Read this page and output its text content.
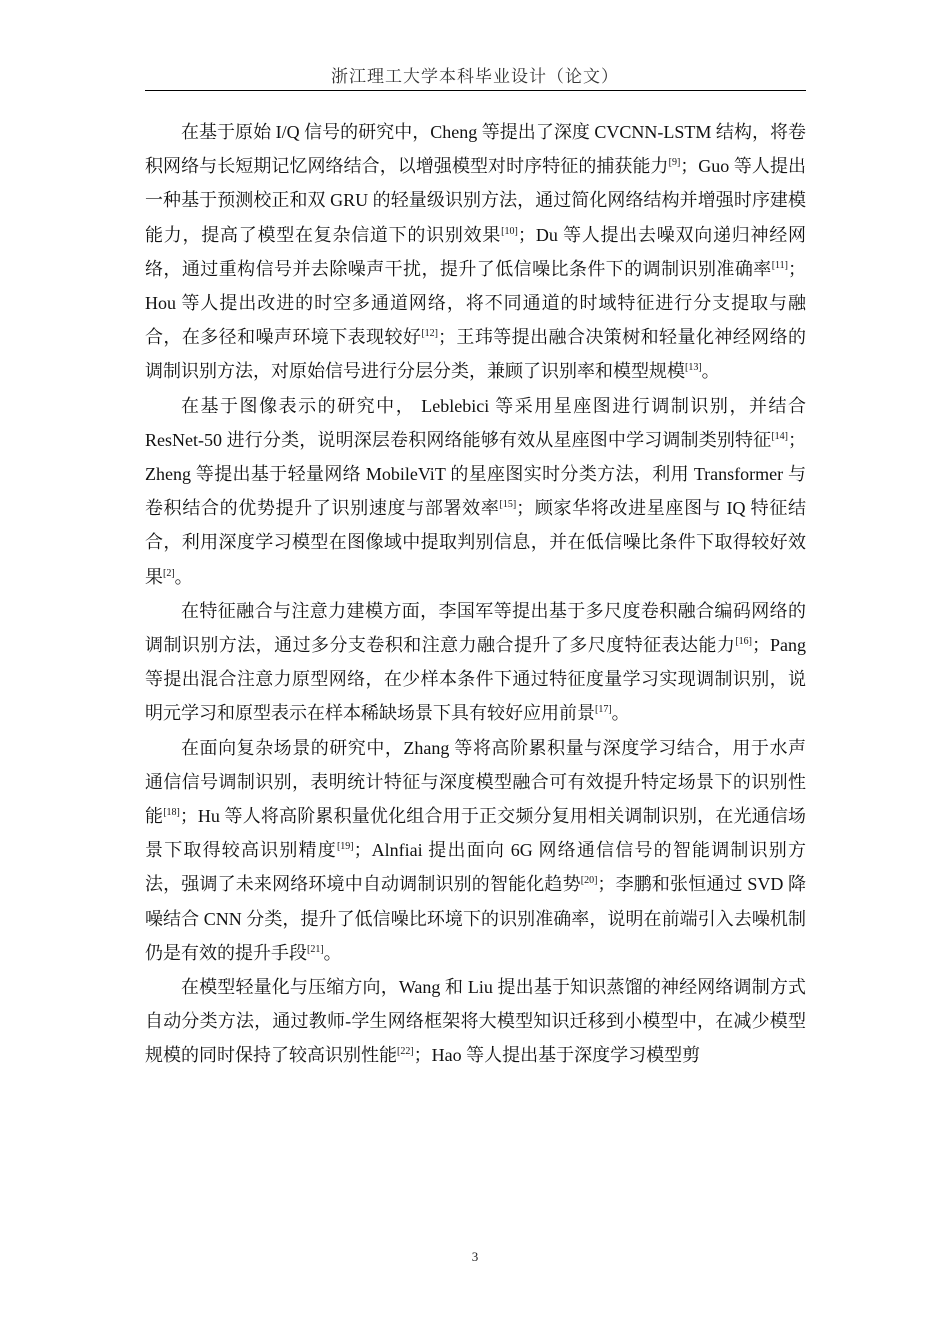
浙江理工大学本科毕业设计（论文）

在基于原始 I/Q 信号的研究中，Cheng 等提出了深度 CVCNN-LSTM 结构，将卷积网络与长短期记忆网络结合，以增强模型对时序特征的捕获能力[9]；Guo 等人提出一种基于预测校正和双 GRU 的轻量级识别方法，通过简化网络结构并增强时序建模能力，提高了模型在复杂信道下的识别效果[10]；Du 等人提出去噪双向递归神经网络，通过重构信号并去除噪声干扰，提升了低信噪比条件下的调制识别准确率[11]；Hou 等人提出改进的时空多通道网络，将不同通道的时域特征进行分支提取与融合，在多径和噪声环境下表现较好[12]；王玮等提出融合决策树和轻量化神经网络的调制识别方法，对原始信号进行分层分类，兼顾了识别率和模型规模[13]。

在基于图像表示的研究中， Leblebici 等采用星座图进行调制识别，并结合 ResNet-50 进行分类，说明深层卷积网络能够有效从星座图中学习调制类别特征[14]；Zheng 等提出基于轻量网络 MobileViT 的星座图实时分类方法，利用 Transformer 与卷积结合的优势提升了识别速度与部署效率[15]；顾家华将改进星座图与 IQ 特征结合，利用深度学习模型在图像域中提取判别信息，并在低信噪比条件下取得较好效果[2]。

在特征融合与注意力建模方面，李国军等提出基于多尺度卷积融合编码网络的调制识别方法，通过多分支卷积和注意力融合提升了多尺度特征表达能力[16]；Pang 等提出混合注意力原型网络，在少样本条件下通过特征度量学习实现调制识别，说明元学习和原型表示在样本稀缺场景下具有较好应用前景[17]。

在面向复杂场景的研究中，Zhang 等将高阶累积量与深度学习结合，用于水声通信信号调制识别，表明统计特征与深度模型融合可有效提升特定场景下的识别性能[18]；Hu 等人将高阶累积量优化组合用于正交频分复用相关调制识别，在光通信场景下取得较高识别精度[19]；Alnfiai 提出面向 6G 网络通信信号的智能调制识别方法，强调了未来网络环境中自动调制识别的智能化趋势[20]；李鹏和张恒通过 SVD 降噪结合 CNN 分类，提升了低信噪比环境下的识别准确率，说明在前端引入去噪机制仍是有效的提升手段[21]。

在模型轻量化与压缩方向，Wang 和 Liu 提出基于知识蒸馏的神经网络调制方式自动分类方法，通过教师-学生网络框架将大模型知识迁移到小模型中，在减少模型规模的同时保持了较高识别性能[22]；Hao 等人提出基于深度学习模型剪

3
